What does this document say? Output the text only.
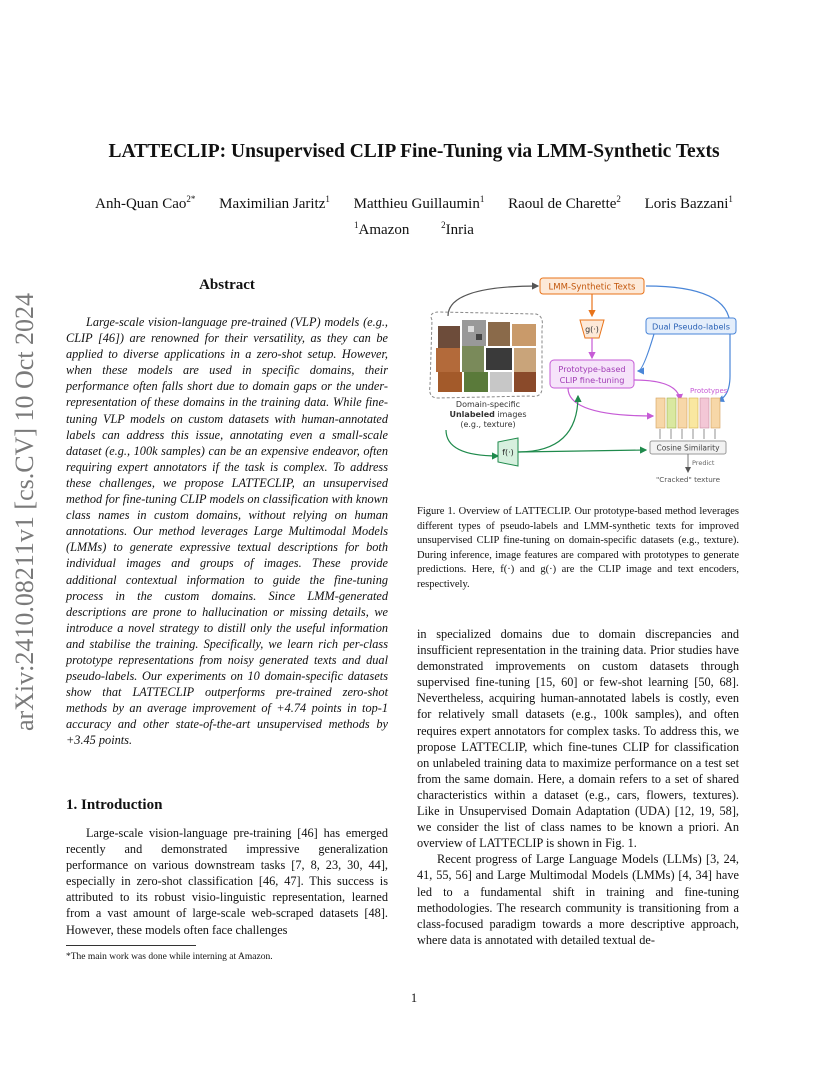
arXiv:2410.08211v1 [cs.CV] 10 Oct 2024
LATTECLIP: Unsupervised CLIP Fine-Tuning via LMM-Synthetic Texts
Anh-Quan Cao$^{2*}$ Maximilian Jaritz$^1$ Matthieu Guillaumin$^1$ Raoul de Charette$^2$ Loris Bazzani$^1$
$^1$Amazon	$^2$Inria
Abstract

Large-scale vision-language pre-trained (VLP) models (e.g., CLIP [46]) are renowned for their versatility, as they can be applied to diverse applications in a zero-shot setup. However, when these models are used in specific domains, their performance often falls short due to domain gaps or the under-representation of these domains in the training data. While fine-tuning VLP models on custom datasets with human-annotated labels can address this issue, annotating even a small-scale dataset (e.g., 100k samples) can be an expensive endeavor, often requiring expert annotators if the task is complex. To address these challenges, we propose LATTECLIP, an unsupervised method for fine-tuning CLIP models on classification with known class names in custom domains, without relying on human annotations. Our method leverages Large Multimodal Models (LMMs) to generate expressive textual descriptions for both individual images and groups of images. These provide additional contextual information to guide the fine-tuning process in the custom domains. Since LMM-generated descriptions are prone to hallucination or missing details, we introduce a novel strategy to distill only the useful information and stabilise the training. Specifically, we learn rich per-class prototype representations from noisy generated texts and dual pseudo-labels. Our experiments on 10 domain-specific datasets show that LATTECLIP outperforms pre-trained zero-shot methods by an average improvement of +4.74 points in top-1 accuracy and other state-of-the-art unsupervised methods by +3.45 points.

1. Introduction

Large-scale vision-language pre-training [46] has emerged recently and demonstrated impressive generalization performance on various downstream tasks [7, 8, 23, 30, 44], especially in zero-shot classification [46, 47]. This success is attributed to its robust visio-linguistic representation, learned from a vast amount of large-scale web-scraped datasets [48]. However, these models often face challenges

*The main work was done while interning at Amazon.
LMM-Synthetic Texts
g(·)	Dual Pseudo-labels
Prototype-based
CLIP fine-tuning
Prototypes
Cosine Similarity
Predict
"Cracked" texture
Domain-specific
Unlabeled images
(e.g., texture)
f(·)
Figure 1. Overview of LATTECLIP. Our prototype-based method leverages different types of pseudo-labels and LMM-synthetic texts for improved unsupervised CLIP fine-tuning on domain-specific datasets (e.g., texture). During inference, image features are compared with prototypes to generate predictions. Here, f(·) and g(·) are the CLIP image and text encoders, respectively.

in specialized domains due to domain discrepancies and insufficient representation in the training data. Prior studies have demonstrated improvements on custom datasets through supervised fine-tuning [15, 60] or few-shot learning [50, 68]. Nevertheless, acquiring human-annotated labels is costly, even for relatively small datasets (e.g., 100k samples), and often requires expert annotators for complex tasks. To address this, we propose LATTECLIP, which fine-tunes CLIP for classification on unlabeled training data to maximize performance on a test set from the same domain. Here, a domain refers to a set of shared characteristics within a dataset (e.g., cars, flowers, textures). Like in Unsupervised Domain Adaptation (UDA) [12, 19, 58], we consider the list of class names to be known a priori. An overview of LATTECLIP is shown in Fig. 1.

Recent progress of Large Language Models (LLMs) [3, 24, 41, 55, 56] and Large Multimodal Models (LMMs) [4, 34] have led to a fundamental shift in training and fine-tuning methodologies. The research community is transitioning from a class-focused paradigm towards a more descriptive approach, where data is annotated with detailed textual de-

1
